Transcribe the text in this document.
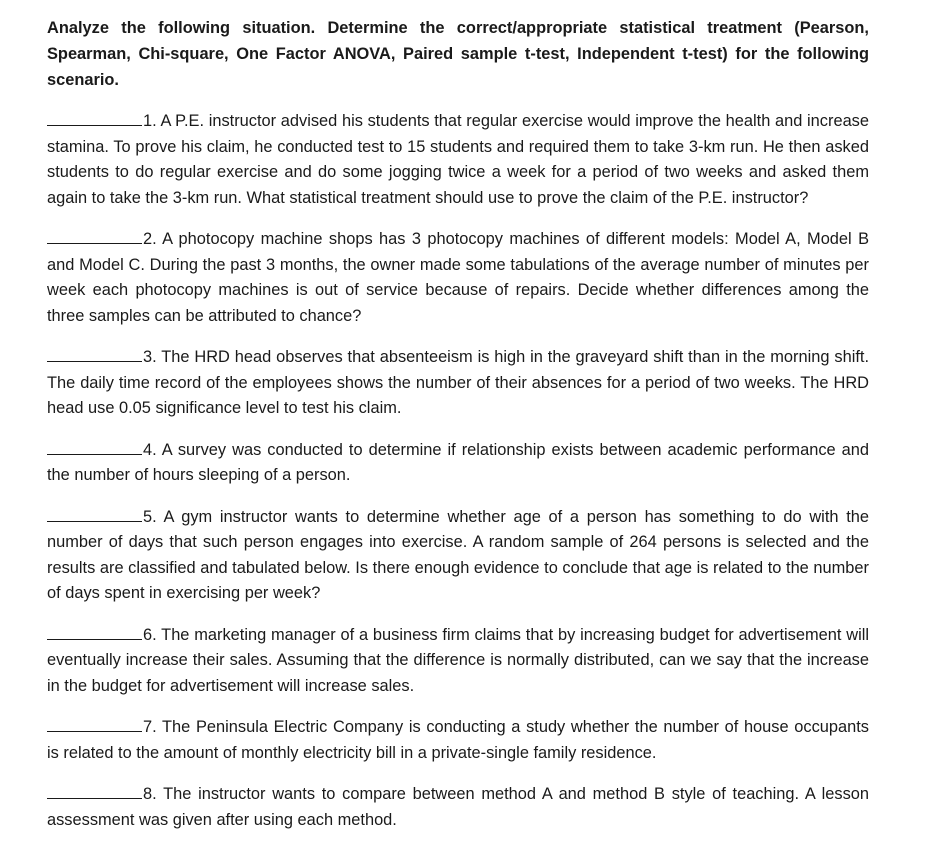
Analyze the following situation. Determine the correct/appropriate statistical treatment (Pearson, Spearman, Chi-square, One Factor ANOVA, Paired sample t-test, Independent t-test) for the following scenario.

1. A P.E. instructor advised his students that regular exercise would improve the health and increase stamina. To prove his claim, he conducted test to 15 students and required them to take 3-km run. He then asked students to do regular exercise and do some jogging twice a week for a period of two weeks and asked them again to take the 3-km run. What statistical treatment should use to prove the claim of the P.E. instructor?

2. A photocopy machine shops has 3 photocopy machines of different models: Model A, Model B and Model C. During the past 3 months, the owner made some tabulations of the average number of minutes per week each photocopy machines is out of service because of repairs. Decide whether differences among the three samples can be attributed to chance?

3. The HRD head observes that absenteeism is high in the graveyard shift than in the morning shift. The daily time record of the employees shows the number of their absences for a period of two weeks. The HRD head use 0.05 significance level to test his claim.

4. A survey was conducted to determine if relationship exists between academic performance and the number of hours sleeping of a person.

5. A gym instructor wants to determine whether age of a person has something to do with the number of days that such person engages into exercise. A random sample of 264 persons is selected and the results are classified and tabulated below. Is there enough evidence to conclude that age is related to the number of days spent in exercising per week?

6. The marketing manager of a business firm claims that by increasing budget for advertisement will eventually increase their sales. Assuming that the difference is normally distributed, can we say that the increase in the budget for advertisement will increase sales.

7. The Peninsula Electric Company is conducting a study whether the number of house occupants is related to the amount of monthly electricity bill in a private-single family residence.

8. The instructor wants to compare between method A and method B style of teaching. A lesson assessment was given after using each method.
